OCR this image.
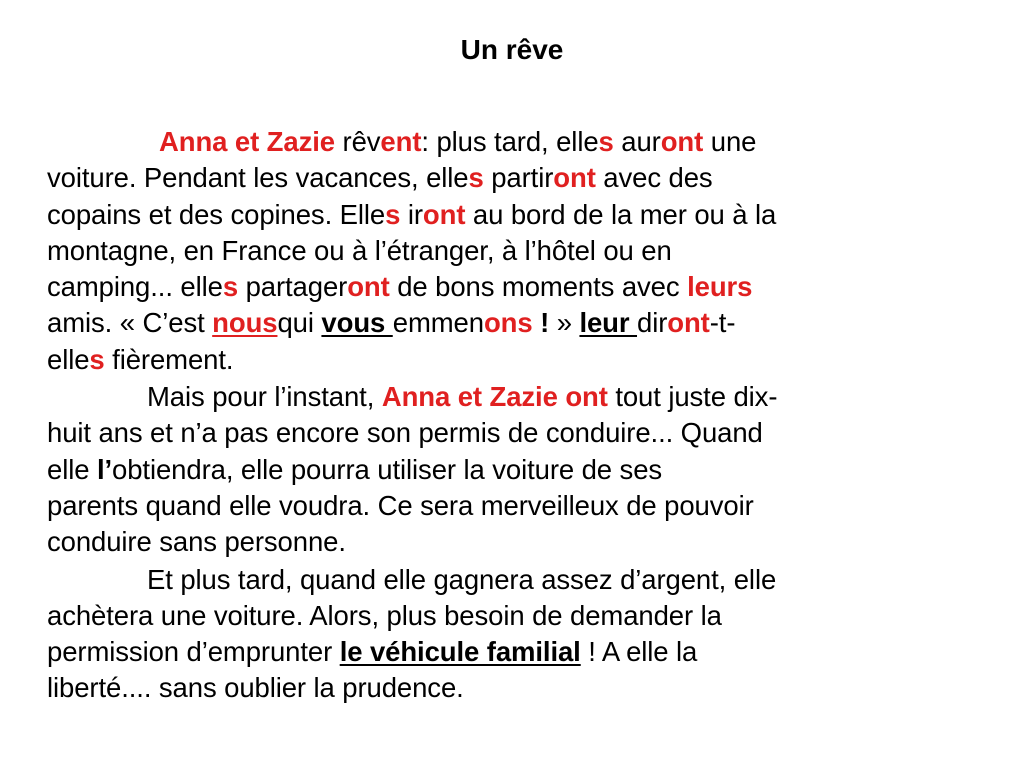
Un rêve

Anna et Zazie rêvent: plus tard, elles auront une
voiture. Pendant les vacances, elles partiront avec des
copains et des copines. Elles iront au bord de la mer ou à la
montagne, en France ou à l’étranger, à l’hôtel ou en
camping... elles partageront de bons moments avec leurs
amis. « C’est nousqui vous emmenons ! » leur diront-t-
elles fièrement.

Mais pour l’instant, Anna et Zazie ont tout juste dix-
huit ans et n’a pas encore son permis de conduire... Quand
elle l’obtiendra, elle pourra utiliser la voiture de ses
parents quand elle voudra. Ce sera merveilleux de pouvoir
conduire sans personne.

Et plus tard, quand elle gagnera assez d’argent, elle
achètera une voiture. Alors, plus besoin de demander la
permission d’emprunter le véhicule familial ! A elle la
liberté.... sans oublier la prudence.
